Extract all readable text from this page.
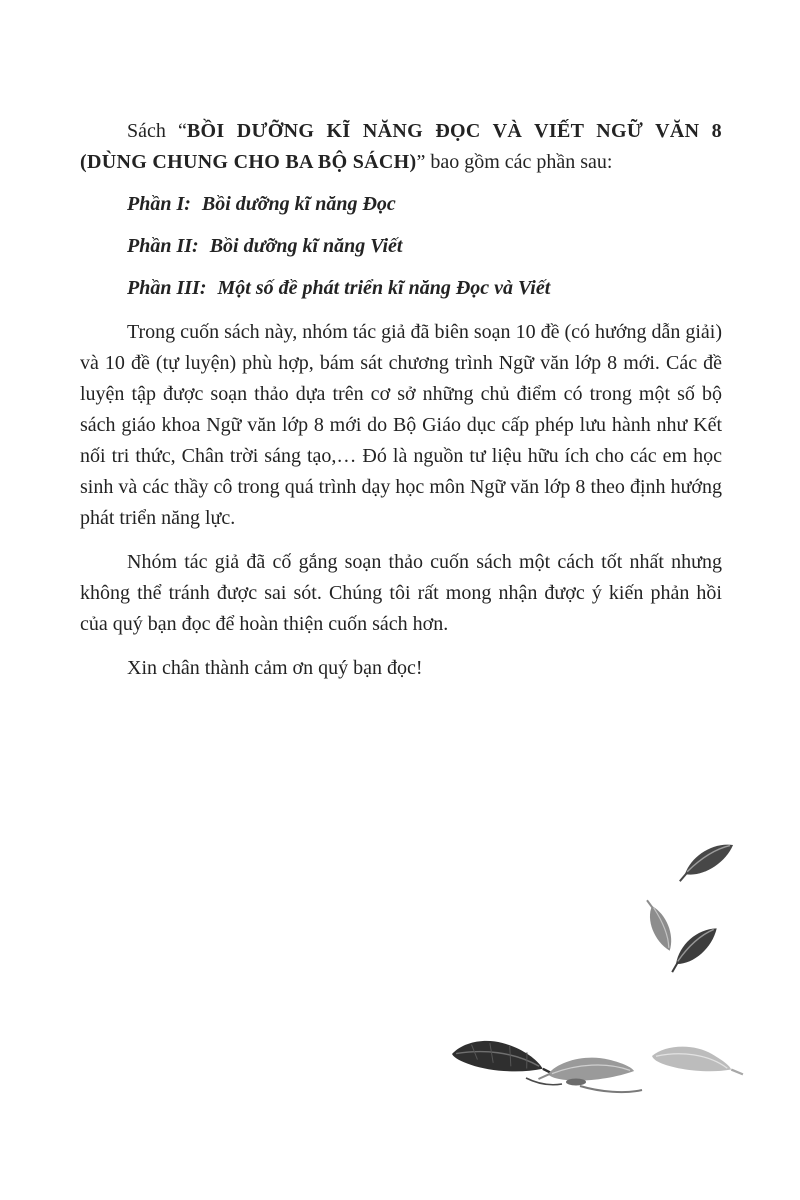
Sách “BỒI DƯỠNG KĨ NĂNG ĐỌC VÀ VIẾT NGỮ VĂN 8 (DÙNG CHUNG CHO BA BỘ SÁCH)” bao gồm các phần sau:

Phần I: Bồi dưỡng kĩ năng Đọc

Phần II: Bồi dưỡng kĩ năng Viết

Phần III: Một số đề phát triển kĩ năng Đọc và Viết

Trong cuốn sách này, nhóm tác giả đã biên soạn 10 đề (có hướng dẫn giải) và 10 đề (tự luyện) phù hợp, bám sát chương trình Ngữ văn lớp 8 mới. Các đề luyện tập được soạn thảo dựa trên cơ sở những chủ điểm có trong một số bộ sách giáo khoa Ngữ văn lớp 8 mới do Bộ Giáo dục cấp phép lưu hành như Kết nối tri thức, Chân trời sáng tạo,… Đó là nguồn tư liệu hữu ích cho các em học sinh và các thầy cô trong quá trình dạy học môn Ngữ văn lớp 8 theo định hướng phát triển năng lực.

Nhóm tác giả đã cố gắng soạn thảo cuốn sách một cách tốt nhất nhưng không thể tránh được sai sót. Chúng tôi rất mong nhận được ý kiến phản hồi của quý bạn đọc để hoàn thiện cuốn sách hơn.

Xin chân thành cảm ơn quý bạn đọc!
